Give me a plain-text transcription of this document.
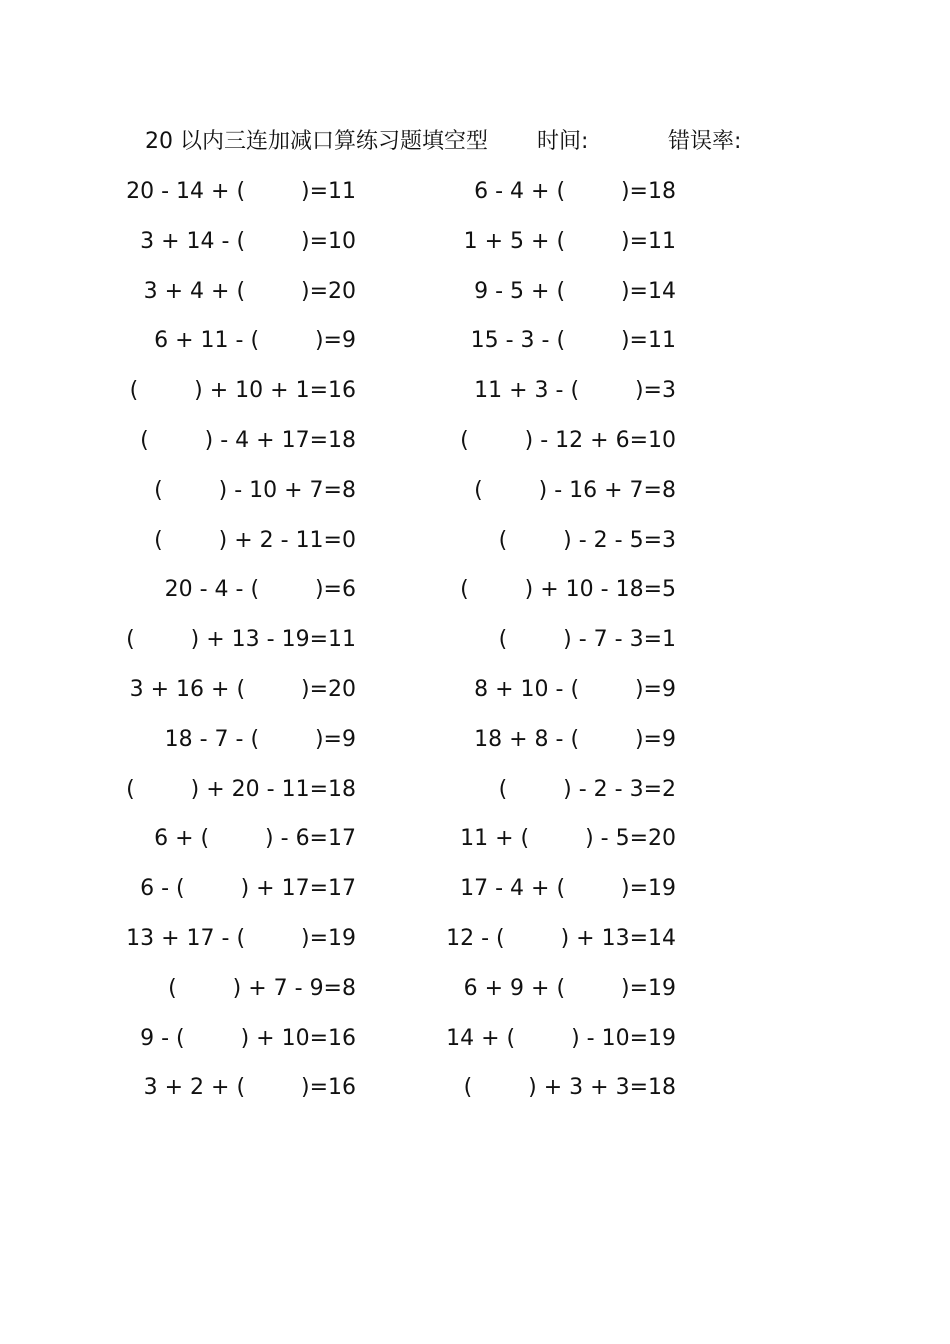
20 以内三连加减口算练习题填空型 时间:	错误率:
20 - 14 + (        )=11	6 - 4 + (        )=18
3 + 14 - (        )=10	1 + 5 + (        )=11
3 + 4 + (        )=20	9 - 5 + (        )=14
6 + 11 - (        )=9	15 - 3 - (        )=11
(        ) + 10 + 1=16	11 + 3 - (        )=3
(        ) - 4 + 17=18	(        ) - 12 + 6=10
(        ) - 10 + 7=8	(        ) - 16 + 7=8
(        ) + 2 - 11=0	(        ) - 2 - 5=3
20 - 4 - (        )=6	(        ) + 10 - 18=5
(        ) + 13 - 19=11	(        ) - 7 - 3=1
3 + 16 + (        )=20	8 + 10 - (        )=9
18 - 7 - (        )=9	18 + 8 - (        )=9
(        ) + 20 - 11=18	(        ) - 2 - 3=2
6 + (        ) - 6=17	11 + (        ) - 5=20
6 - (        ) + 17=17	17 - 4 + (        )=19
13 + 17 - (        )=19	12 - (        ) + 13=14
(        ) + 7 - 9=8	6 + 9 + (        )=19
9 - (        ) + 10=16	14 + (        ) - 10=19
3 + 2 + (        )=16	(        ) + 3 + 3=18
